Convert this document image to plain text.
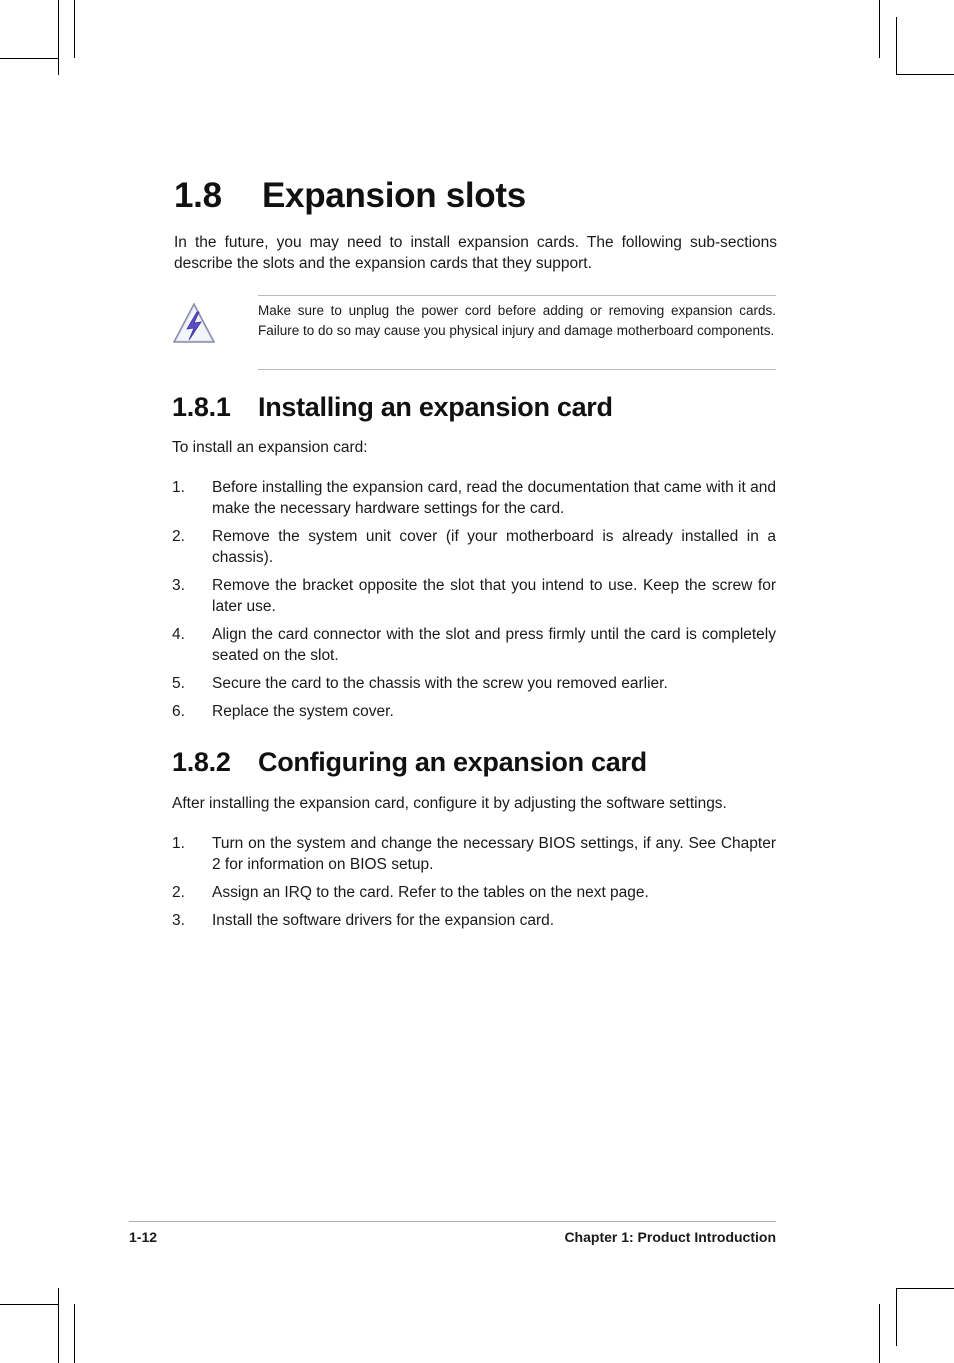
1.8 Expansion slots

In the future, you may need to install expansion cards. The following sub-sections describe the slots and the expansion cards that they support.

Make sure to unplug the power cord before adding or removing expansion cards. Failure to do so may cause you physical injury and damage motherboard components.

1.8.1 Installing an expansion card

To install an expansion card:

1. Before installing the expansion card, read the documentation that came with it and make the necessary hardware settings for the card.
2. Remove the system unit cover (if your motherboard is already installed in a chassis).
3. Remove the bracket opposite the slot that you intend to use. Keep the screw for later use.
4. Align the card connector with the slot and press firmly until the card is completely seated on the slot.
5. Secure the card to the chassis with the screw you removed earlier.
6. Replace the system cover.
1.8.2 Configuring an expansion card

After installing the expansion card, configure it by adjusting the software settings.

1. Turn on the system and change the necessary BIOS settings, if any. See Chapter 2 for information on BIOS setup.
2. Assign an IRQ to the card. Refer to the tables on the next page.
3. Install the software drivers for the expansion card.
1-12	Chapter 1: Product Introduction
